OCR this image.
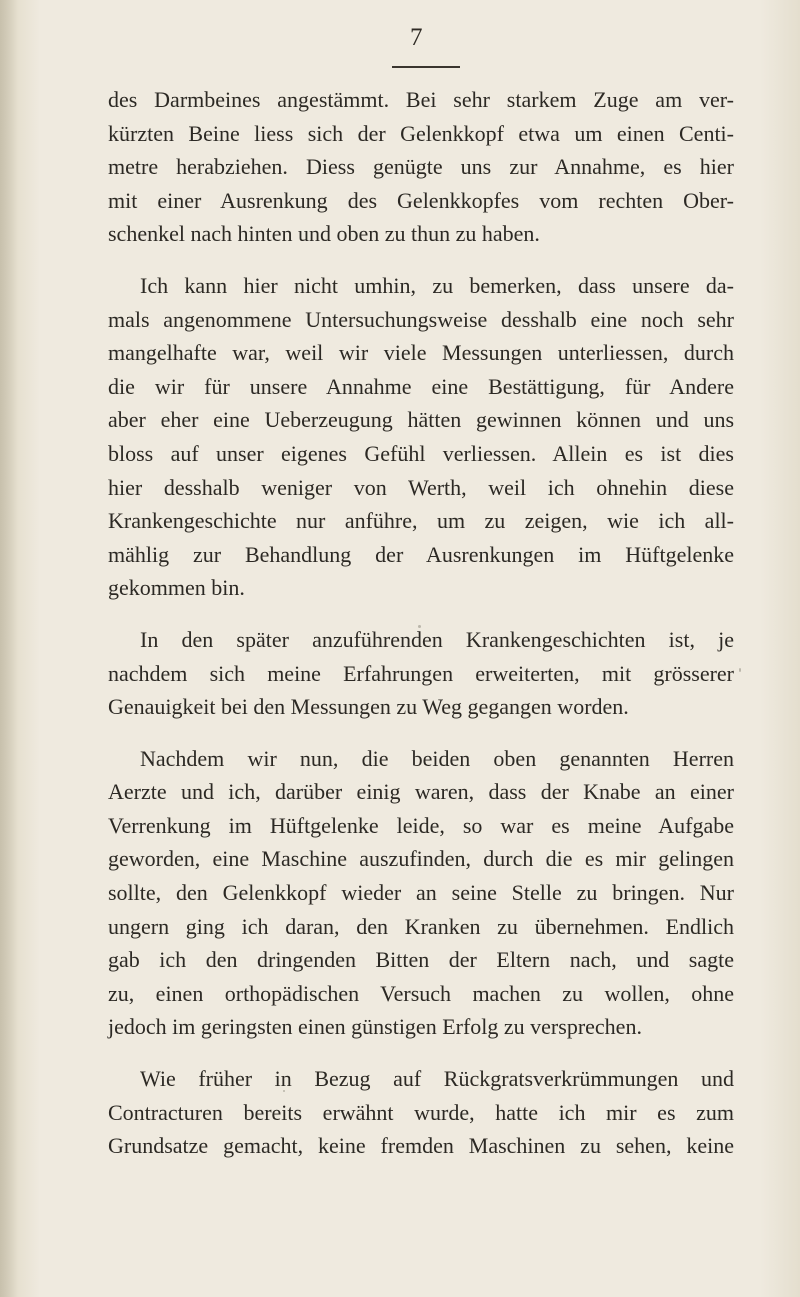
7
des Darmbeines angestämmt. Bei sehr starkem Zuge am ver-
kürzten Beine liess sich der Gelenkkopf etwa um einen Centi-
metre herabziehen. Diess genügte uns zur Annahme, es hier
mit einer Ausrenkung des Gelenkkopfes vom rechten Ober-
schenkel nach hinten und oben zu thun zu haben.
Ich kann hier nicht umhin, zu bemerken, dass unsere da-
mals angenommene Untersuchungsweise desshalb eine noch sehr
mangelhafte war, weil wir viele Messungen unterliessen, durch
die wir für unsere Annahme eine Bestättigung, für Andere
aber eher eine Ueberzeugung hätten gewinnen können und uns
bloss auf unser eigenes Gefühl verliessen. Allein es ist dies
hier desshalb weniger von Werth, weil ich ohnehin diese
Krankengeschichte nur anführe, um zu zeigen, wie ich all-
mählig zur Behandlung der Ausrenkungen im Hüftgelenke
gekommen bin.
In den später anzuführenden Krankengeschichten ist, je
nachdem sich meine Erfahrungen erweiterten, mit grösserer
Genauigkeit bei den Messungen zu Weg gegangen worden.
Nachdem wir nun, die beiden oben genannten Herren
Aerzte und ich, darüber einig waren, dass der Knabe an einer
Verrenkung im Hüftgelenke leide, so war es meine Aufgabe
geworden, eine Maschine auszufinden, durch die es mir gelingen
sollte, den Gelenkkopf wieder an seine Stelle zu bringen. Nur
ungern ging ich daran, den Kranken zu übernehmen. Endlich
gab ich den dringenden Bitten der Eltern nach, und sagte
zu, einen orthopädischen Versuch machen zu wollen, ohne
jedoch im geringsten einen günstigen Erfolg zu versprechen.
Wie früher in Bezug auf Rückgratsverkrümmungen und
Contracturen bereits erwähnt wurde, hatte ich mir es zum
Grundsatze gemacht, keine fremden Maschinen zu sehen, keine
